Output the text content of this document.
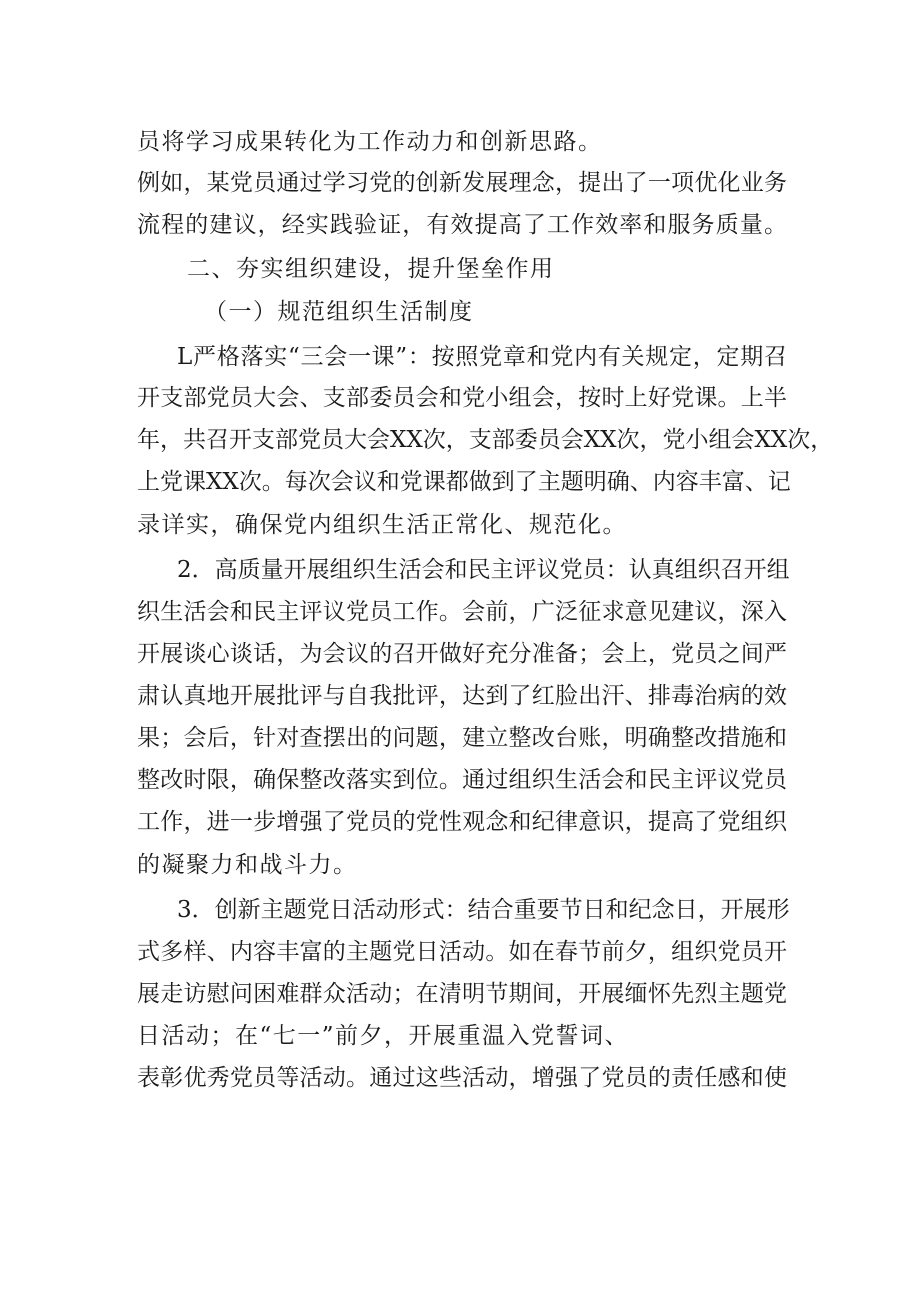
员将学习成果转化为工作动力和创新思路。
例如，某党员通过学习党的创新发展理念，提出了一项优化业务
流程的建议，经实践验证，有效提高了工作效率和服务质量。
二、夯实组织建设，提升堡垒作用
（一）规范组织生活制度
L严格落实“三会一课”：按照党章和党内有关规定，定期召
开支部党员大会、支部委员会和党小组会，按时上好党课。上半
年，共召开支部党员大会XX次，支部委员会XX次，党小组会XX次，
上党课XX次。每次会议和党课都做到了主题明确、内容丰富、记
录详实，确保党内组织生活正常化、规范化。
2．高质量开展组织生活会和民主评议党员：认真组织召开组
织生活会和民主评议党员工作。会前，广泛征求意见建议，深入
开展谈心谈话，为会议的召开做好充分准备；会上，党员之间严
肃认真地开展批评与自我批评，达到了红脸出汗、排毒治病的效
果；会后，针对查摆出的问题，建立整改台账，明确整改措施和
整改时限，确保整改落实到位。通过组织生活会和民主评议党员
工作，进一步增强了党员的党性观念和纪律意识，提高了党组织
的凝聚力和战斗力。
3．创新主题党日活动形式：结合重要节日和纪念日，开展形
式多样、内容丰富的主题党日活动。如在春节前夕，组织党员开
展走访慰问困难群众活动；在清明节期间，开展缅怀先烈主题党
日活动；在“七一”前夕，开展重温入党誓词、
表彰优秀党员等活动。通过这些活动，增强了党员的责任感和使
